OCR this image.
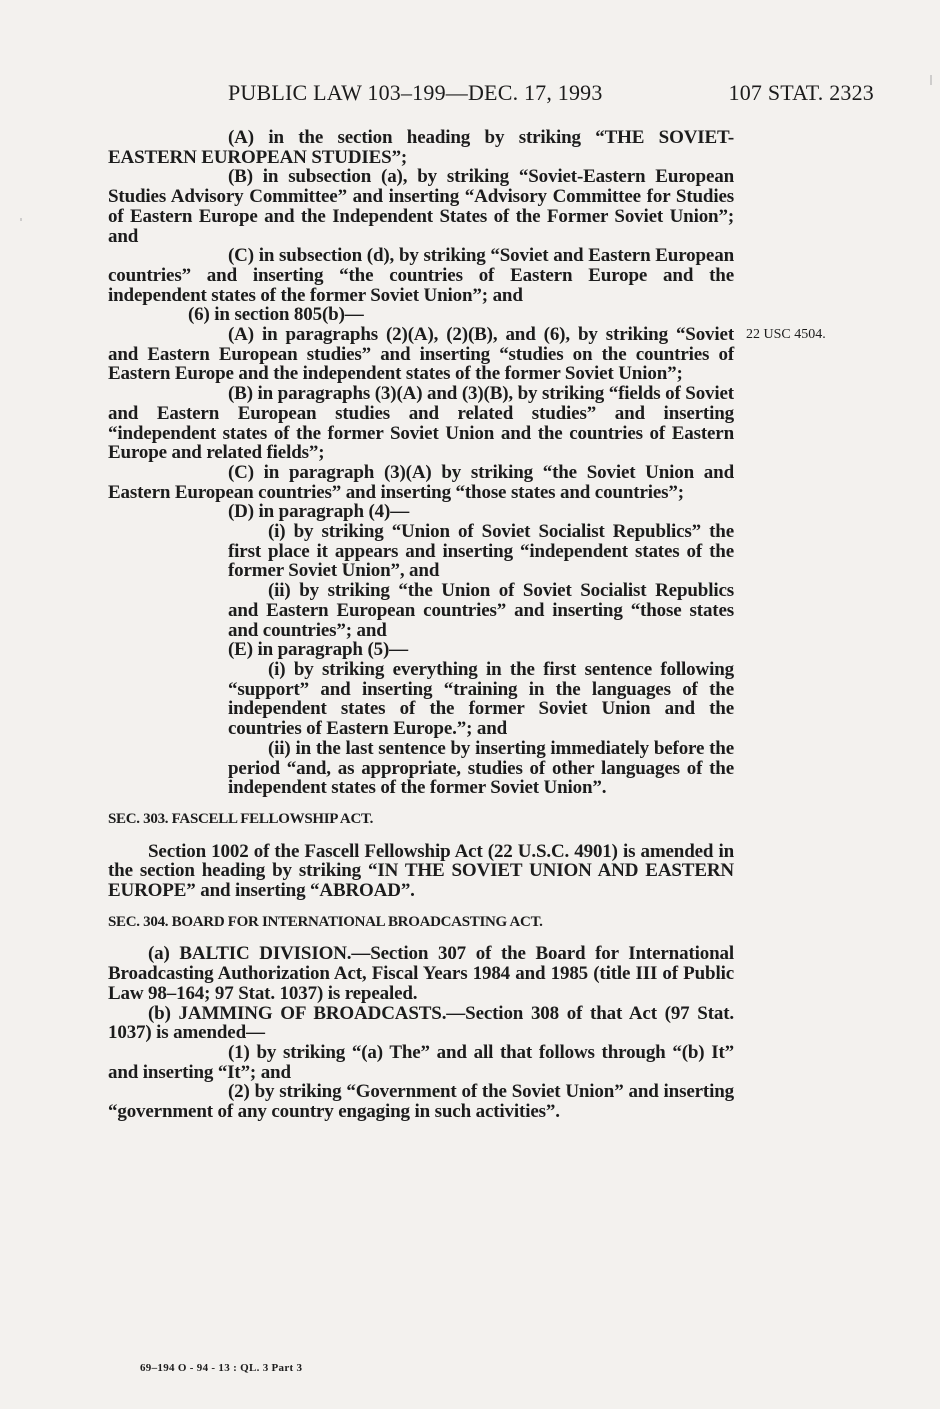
PUBLIC LAW 103–199—DEC. 17, 1993	107 STAT. 2323
22 USC 4504.

(A) in the section heading by striking “THE SOVIET-EASTERN EUROPEAN STUDIES”;

(B) in subsection (a), by striking “Soviet-Eastern European Studies Advisory Committee” and inserting “Advisory Committee for Studies of Eastern Europe and the Independent States of the Former Soviet Union”; and

(C) in subsection (d), by striking “Soviet and Eastern European countries” and inserting “the countries of Eastern Europe and the independent states of the former Soviet Union”; and

(6) in section 805(b)—

(A) in paragraphs (2)(A), (2)(B), and (6), by striking “Soviet and Eastern European studies” and inserting “studies on the countries of Eastern Europe and the independent states of the former Soviet Union”;

(B) in paragraphs (3)(A) and (3)(B), by striking “fields of Soviet and Eastern European studies and related studies” and inserting “independent states of the former Soviet Union and the countries of Eastern Europe and related fields”;

(C) in paragraph (3)(A) by striking “the Soviet Union and Eastern European countries” and inserting “those states and countries”;

(D) in paragraph (4)—

(i) by striking “Union of Soviet Socialist Republics” the first place it appears and inserting “independent states of the former Soviet Union”, and

(ii) by striking “the Union of Soviet Socialist Republics and Eastern European countries” and inserting “those states and countries”; and

(E) in paragraph (5)—

(i) by striking everything in the first sentence following “support” and inserting “training in the languages of the independent states of the former Soviet Union and the countries of Eastern Europe.”; and

(ii) in the last sentence by inserting immediately before the period “and, as appropriate, studies of other languages of the independent states of the former Soviet Union”.

SEC. 303. FASCELL FELLOWSHIP ACT.

Section 1002 of the Fascell Fellowship Act (22 U.S.C. 4901) is amended in the section heading by striking “IN THE SOVIET UNION AND EASTERN EUROPE” and inserting “ABROAD”.

SEC. 304. BOARD FOR INTERNATIONAL BROADCASTING ACT.

(a) BALTIC DIVISION.—Section 307 of the Board for International Broadcasting Authorization Act, Fiscal Years 1984 and 1985 (title III of Public Law 98–164; 97 Stat. 1037) is repealed.

(b) JAMMING OF BROADCASTS.—Section 308 of that Act (97 Stat. 1037) is amended—

(1) by striking “(a) The” and all that follows through “(b) It” and inserting “It”; and

(2) by striking “Government of the Soviet Union” and inserting “government of any country engaging in such activities”.

69–194 O - 94 - 13 : QL. 3 Part 3
